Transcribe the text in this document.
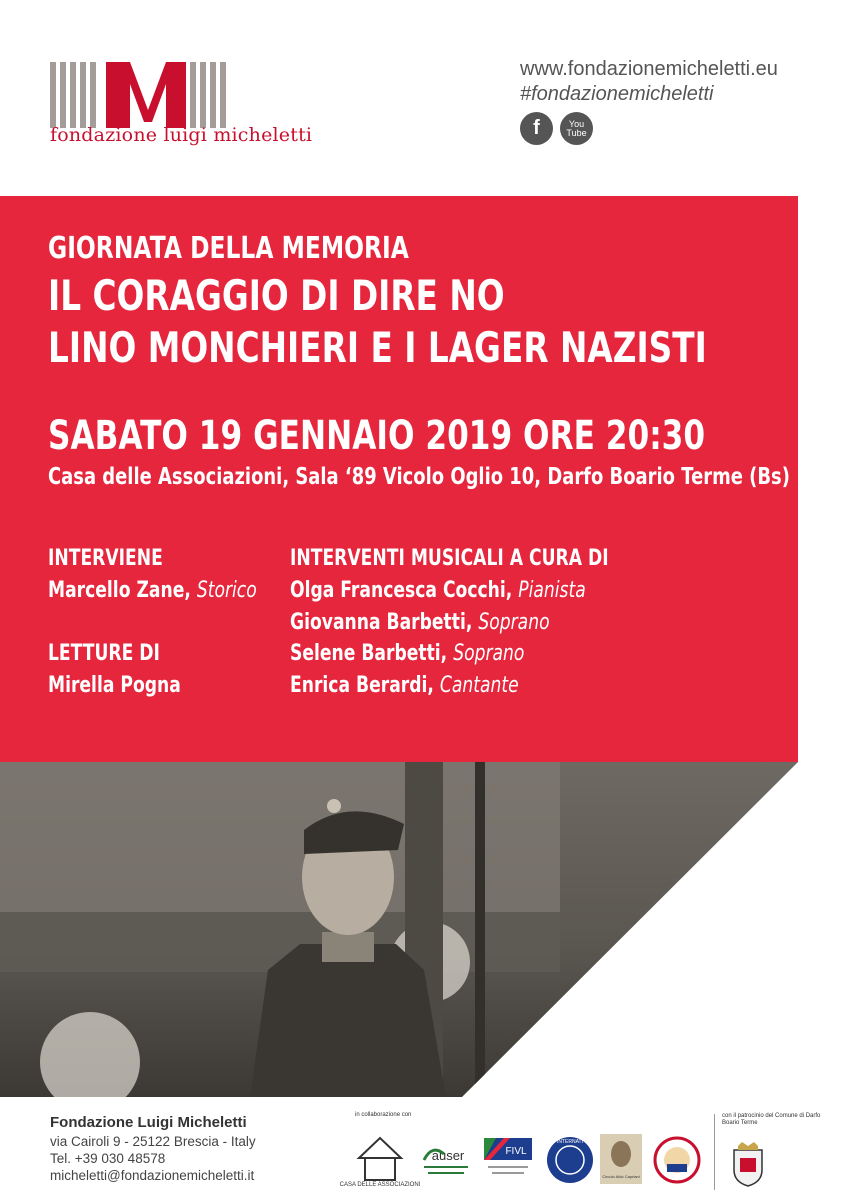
fondazione luigi micheletti
www.fondazionemicheletti.eu
#fondazionemicheletti
f	You
Tube
GIORNATA DELLA MEMORIA
IL CORAGGIO DI DIRE NO
LINO MONCHIERI E I LAGER NAZISTI
SABATO 19 GENNAIO 2019 ORE 20:30
Casa delle Associazioni, Sala ‘89 Vicolo Oglio 10, Darfo Boario Terme (Bs)
INTERVIENE
Marcello Zane, Storico
LETTURE DI
Mirella Pogna
INTERVENTI MUSICALI A CURA DI
Olga Francesca Cocchi, Pianista
Giovanna Barbetti, Soprano
Selene Barbetti, Soprano
Enrica Berardi, Cantante
Fondazione Luigi Micheletti
via Cairoli 9 - 25122 Brescia - Italy
Tel. +39 030 48578
micheletti@fondazionemicheletti.it
in collaborazione con
CASA DELLE ASSOCIAZIONI
auser	FIVL
INTERNATI
Circolo Aldo Capriani
con il patrocinio del Comune di Darfo Boario Terme
